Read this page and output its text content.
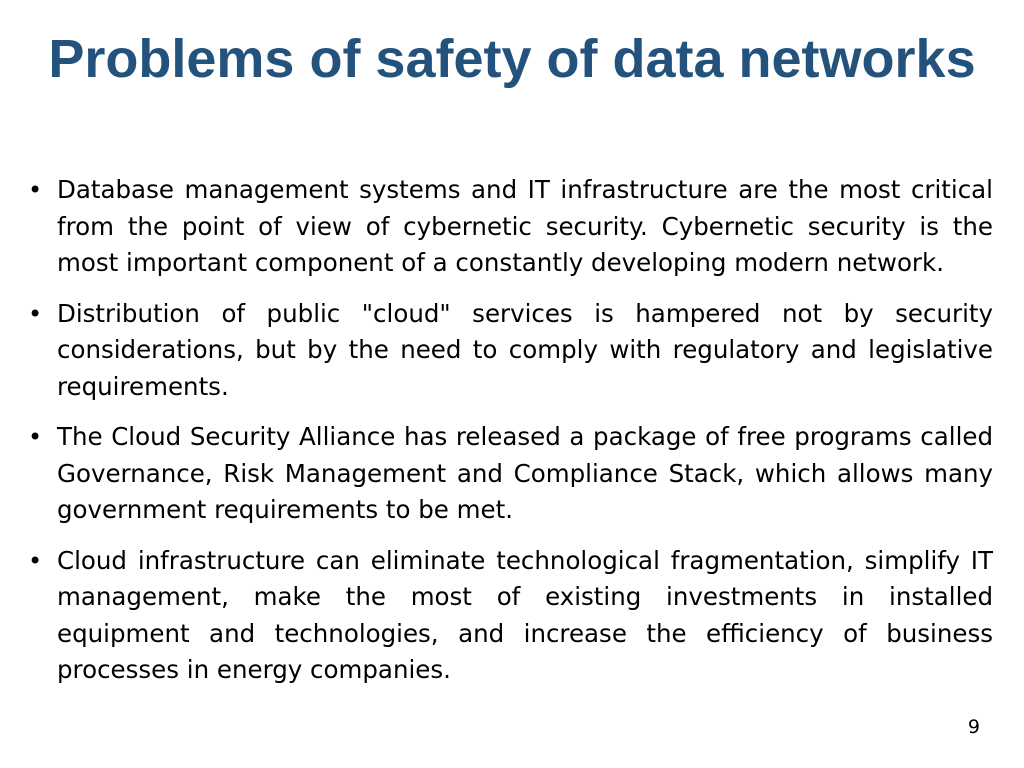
Problems of safety of data networks
• Database management systems and IT infrastructure are the most critical from the point of view of cybernetic security. Cybernetic security is the most important component of a constantly developing modern network.
• Distribution of public "cloud" services is hampered not by security considerations, but by the need to comply with regulatory and legislative requirements.
• The Cloud Security Alliance has released a package of free programs called Governance, Risk Management and Compliance Stack, which allows many government requirements to be met.
• Cloud infrastructure can eliminate technological fragmentation, simplify IT management, make the most of existing investments in installed equipment and technologies, and increase the efficiency of business processes in energy companies.
9
